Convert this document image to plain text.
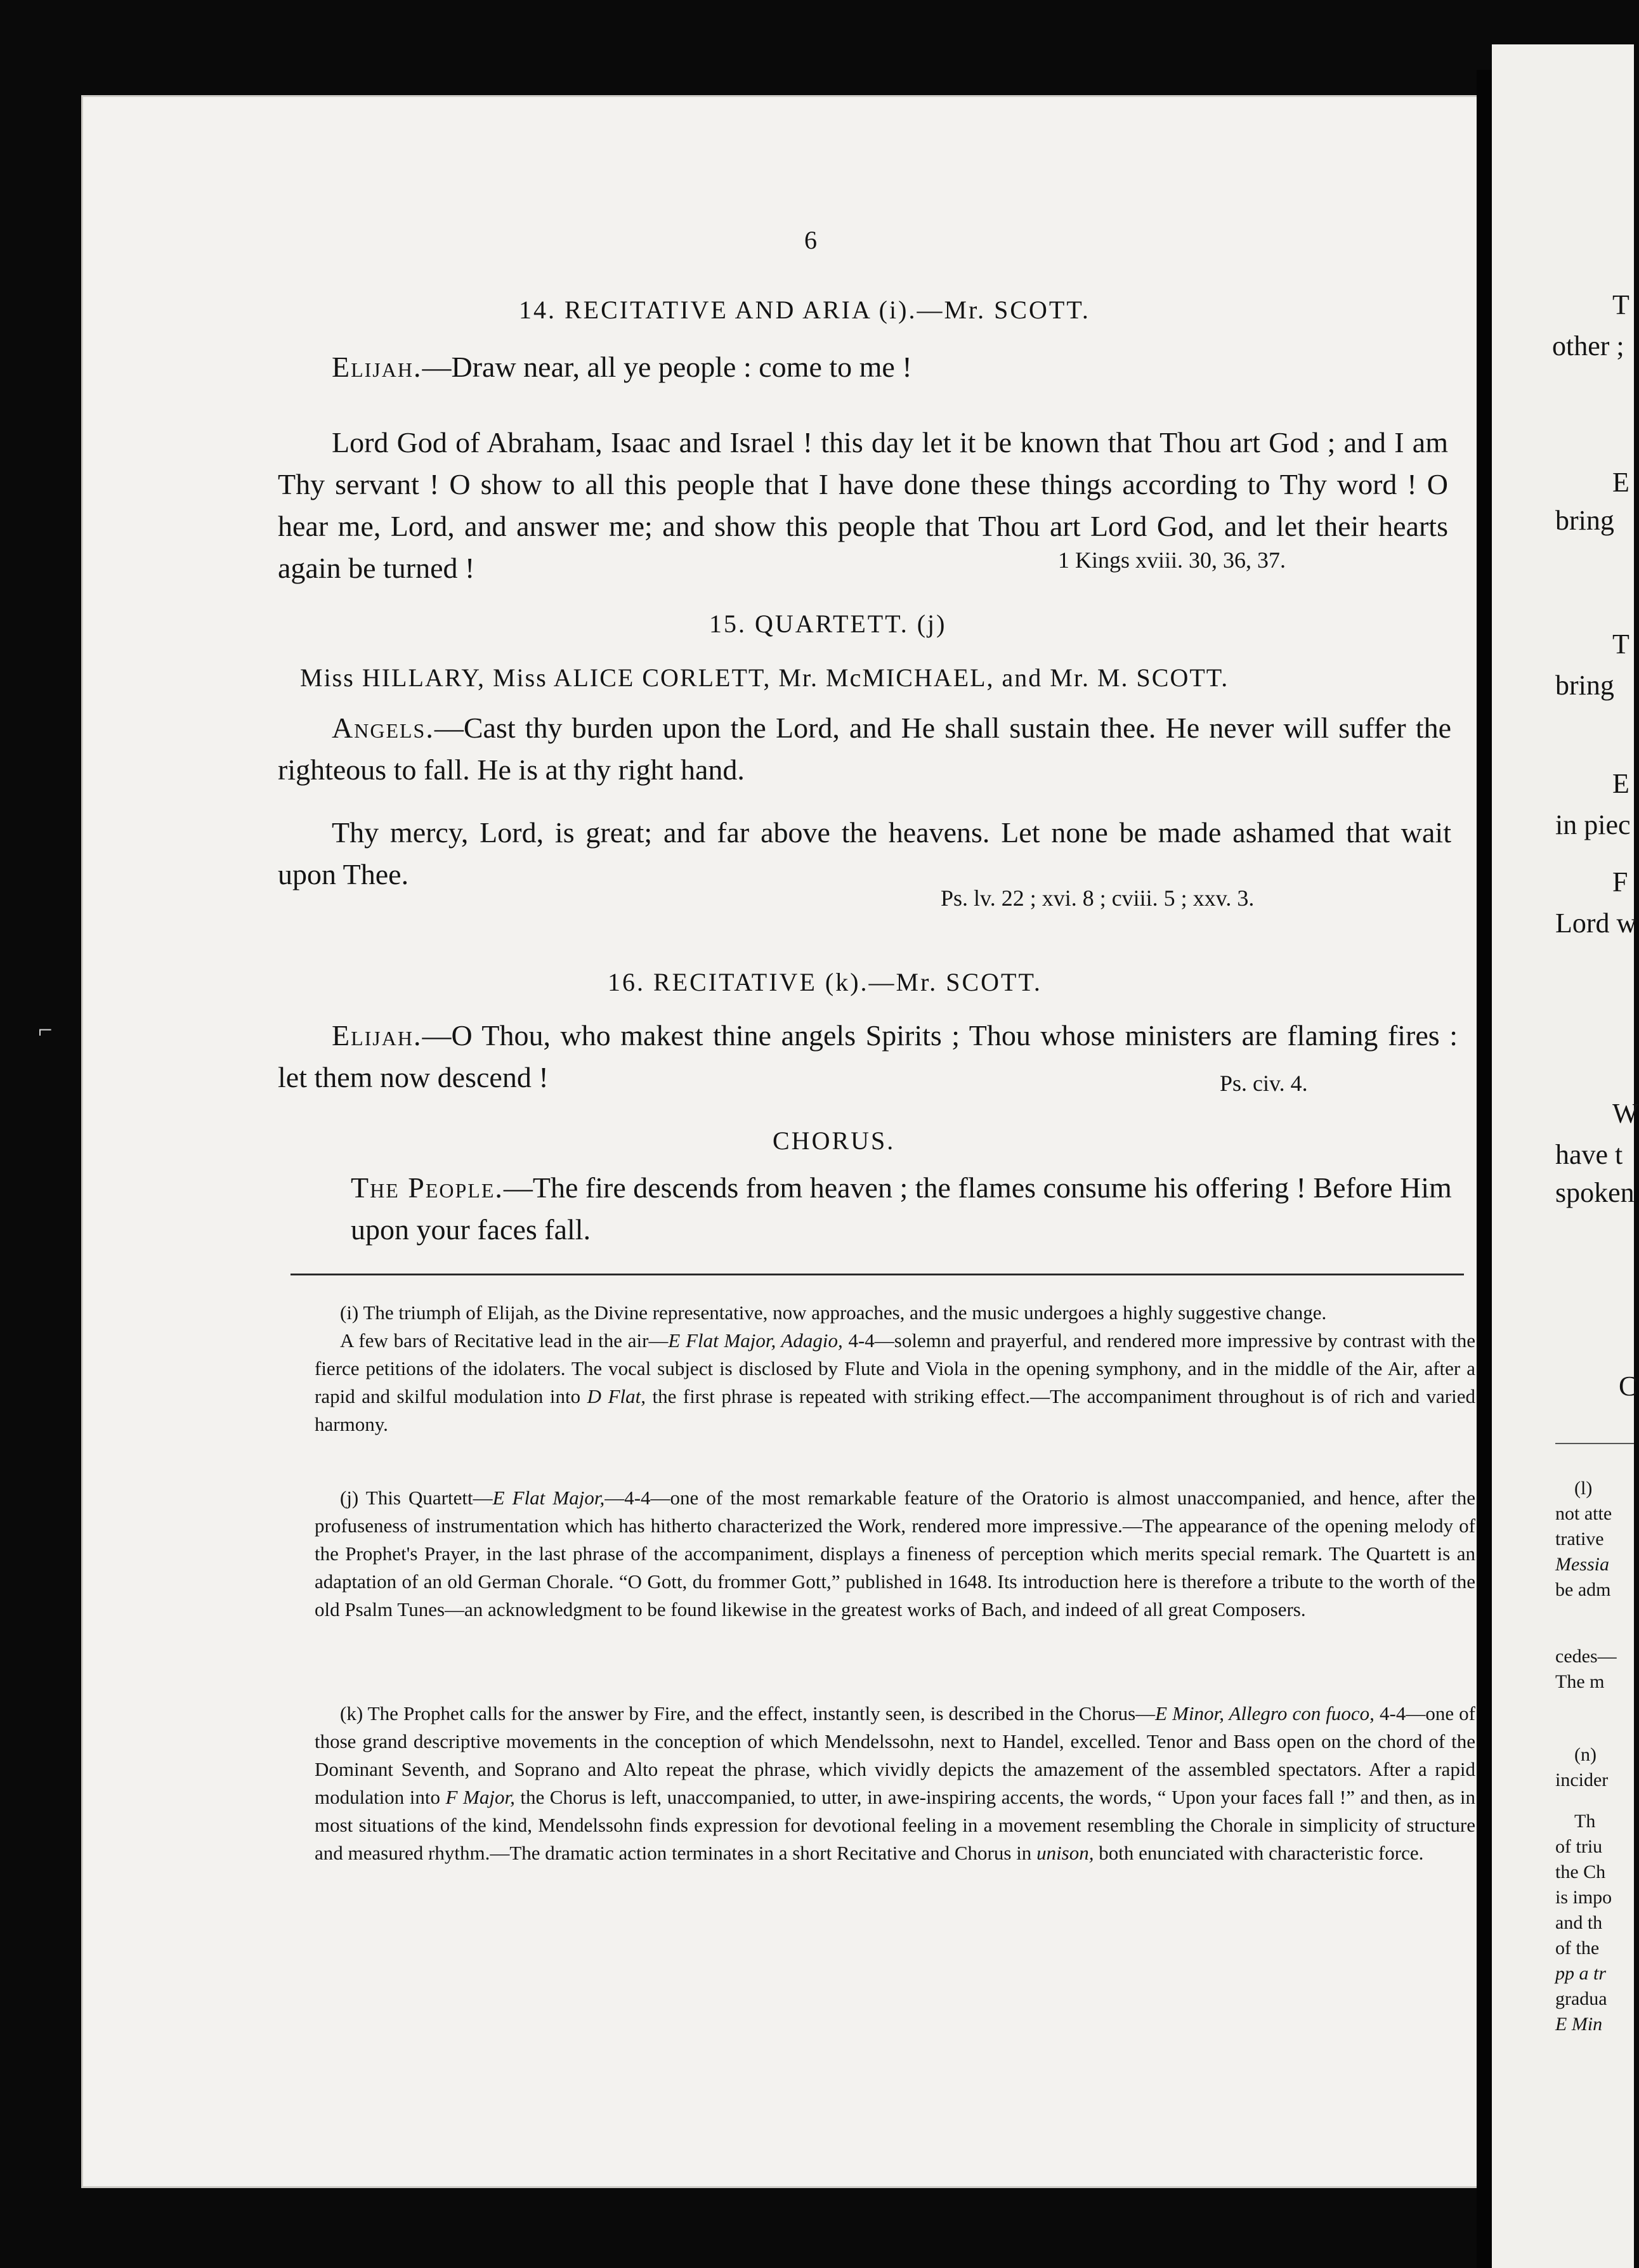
⌐
6
14. RECITATIVE AND ARIA (i).—Mr. SCOTT.
Elijah.—Draw near, all ye people : come to me !
Lord God of Abraham, Isaac and Israel ! this day let it be known that Thou art God ; and I am Thy servant ! O show to all this people that I have done these things according to Thy word ! O hear me, Lord, and answer me; and show this people that Thou art Lord God, and let their hearts again be turned !	1 Kings xviii. 30, 36, 37.
15. QUARTETT. (j)
Miss HILLARY, Miss ALICE CORLETT, Mr. McMICHAEL, and Mr. M. SCOTT.
Angels.—Cast thy burden upon the Lord, and He shall sustain thee. He never will suffer the righteous to fall. He is at thy right hand.
Thy mercy, Lord, is great; and far above the heavens. Let none be made ashamed that wait upon Thee.
Ps. lv. 22 ; xvi. 8 ; cviii. 5 ; xxv. 3.
16. RECITATIVE (k).—Mr. SCOTT.
Elijah.—O Thou, who makest thine angels Spirits ; Thou whose ministers are flaming fires : let them now descend !	Ps. civ. 4.
CHORUS.
The People.—The fire descends from heaven ; the flames consume his offering ! Before Him upon your faces fall.

(i) The triumph of Elijah, as the Divine representative, now approaches, and the music undergoes a highly suggestive change.

A few bars of Recitative lead in the air—E Flat Major, Adagio, 4-4—solemn and prayerful, and rendered more impressive by contrast with the fierce petitions of the idolaters. The vocal subject is disclosed by Flute and Viola in the opening symphony, and in the middle of the Air, after a rapid and skilful modulation into D Flat, the first phrase is repeated with striking effect.—The accompaniment throughout is of rich and varied harmony.

(j) This Quartett—E Flat Major,—4-4—one of the most remarkable feature of the Oratorio is almost unaccompanied, and hence, after the profuseness of instrumentation which has hitherto characterized the Work, rendered more impressive.—The appearance of the opening melody of the Prophet's Prayer, in the last phrase of the accompaniment, displays a fineness of perception which merits special remark. The Quartett is an adaptation of an old German Chorale. “O Gott, du frommer Gott,” published in 1648. Its introduction here is therefore a tribute to the worth of the old Psalm Tunes—an acknowledgment to be found likewise in the greatest works of Bach, and indeed of all great Composers.

(k) The Prophet calls for the answer by Fire, and the effect, instantly seen, is described in the Chorus—E Minor, Allegro con fuoco, 4-4—one of those grand descriptive movements in the conception of which Mendelssohn, next to Handel, excelled. Tenor and Bass open on the chord of the Dominant Seventh, and Soprano and Alto repeat the phrase, which vividly depicts the amazement of the assembled spectators. After a rapid modulation into F Major, the Chorus is left, unaccompanied, to utter, in awe-inspiring accents, the words, “ Upon your faces fall !” and then, as in most situations of the kind, Mendelssohn finds expression for devotional feeling in a movement resembling the Chorale in simplicity of structure and measured rhythm.—The dramatic action terminates in a short Recitative and Chorus in unison, both enunciated with characteristic force.

T
other ;
E
bring
T
bring
E
in piec
F
Lord w
W
have t
spoken
C
(l)
not atte
trative
Messia
be adm
cedes—
The m
(n)
incider
Th
of triu
the Ch
is impo
and th
of the
pp a tr
gradua
E Min
